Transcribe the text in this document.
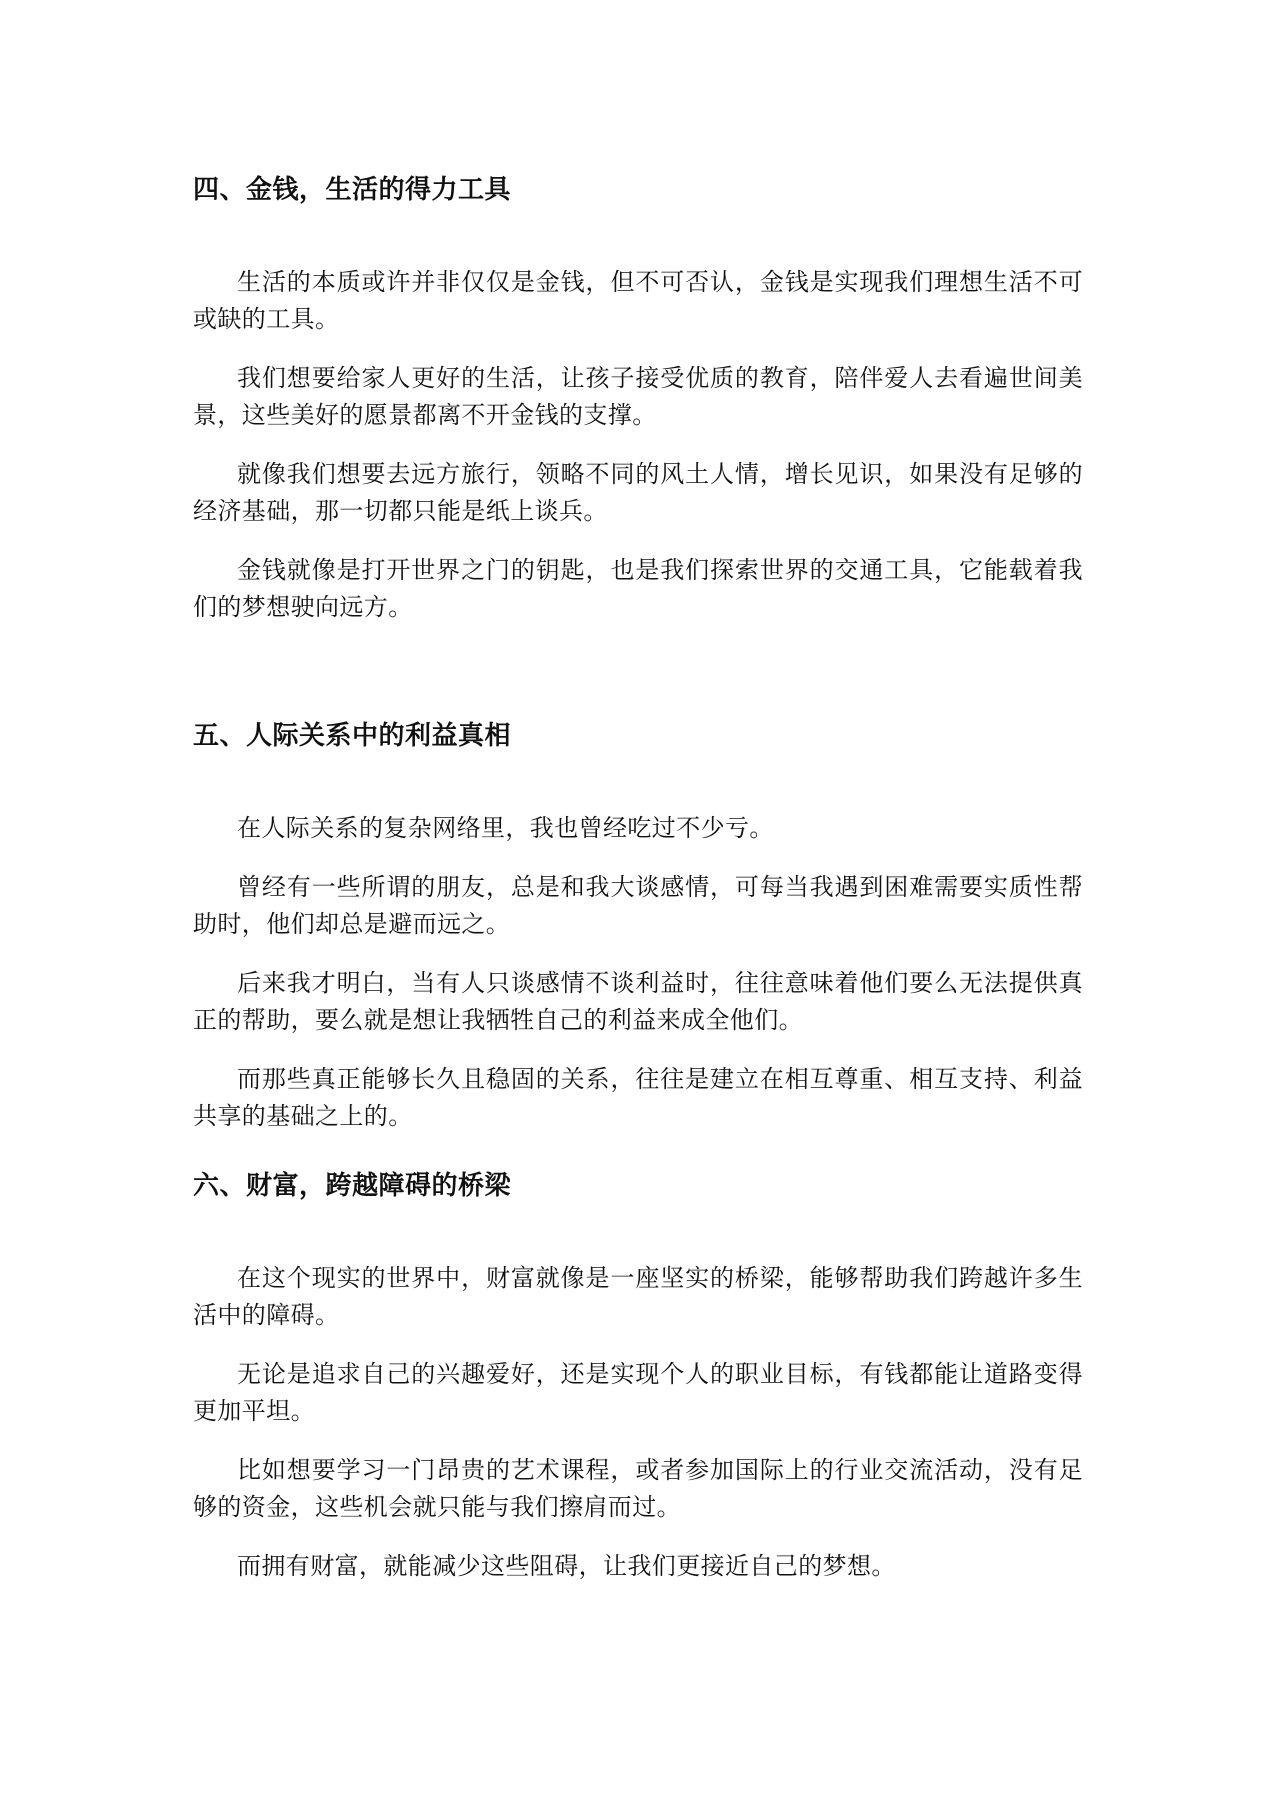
四、金钱，生活的得力工具

生活的本质或许并非仅仅是金钱，但不可否认，金钱是实现我们理想生活不可或缺的工具。

我们想要给家人更好的生活，让孩子接受优质的教育，陪伴爱人去看遍世间美景，这些美好的愿景都离不开金钱的支撑。

就像我们想要去远方旅行，领略不同的风土人情，增长见识，如果没有足够的经济基础，那一切都只能是纸上谈兵。

金钱就像是打开世界之门的钥匙，也是我们探索世界的交通工具，它能载着我们的梦想驶向远方。

五、人际关系中的利益真相

在人际关系的复杂网络里，我也曾经吃过不少亏。

曾经有一些所谓的朋友，总是和我大谈感情，可每当我遇到困难需要实质性帮助时，他们却总是避而远之。

后来我才明白，当有人只谈感情不谈利益时，往往意味着他们要么无法提供真正的帮助，要么就是想让我牺牲自己的利益来成全他们。

而那些真正能够长久且稳固的关系，往往是建立在相互尊重、相互支持、利益共享的基础之上的。

六、财富，跨越障碍的桥梁

在这个现实的世界中，财富就像是一座坚实的桥梁，能够帮助我们跨越许多生活中的障碍。

无论是追求自己的兴趣爱好，还是实现个人的职业目标，有钱都能让道路变得更加平坦。

比如想要学习一门昂贵的艺术课程，或者参加国际上的行业交流活动，没有足够的资金，这些机会就只能与我们擦肩而过。

而拥有财富，就能减少这些阻碍，让我们更接近自己的梦想。
